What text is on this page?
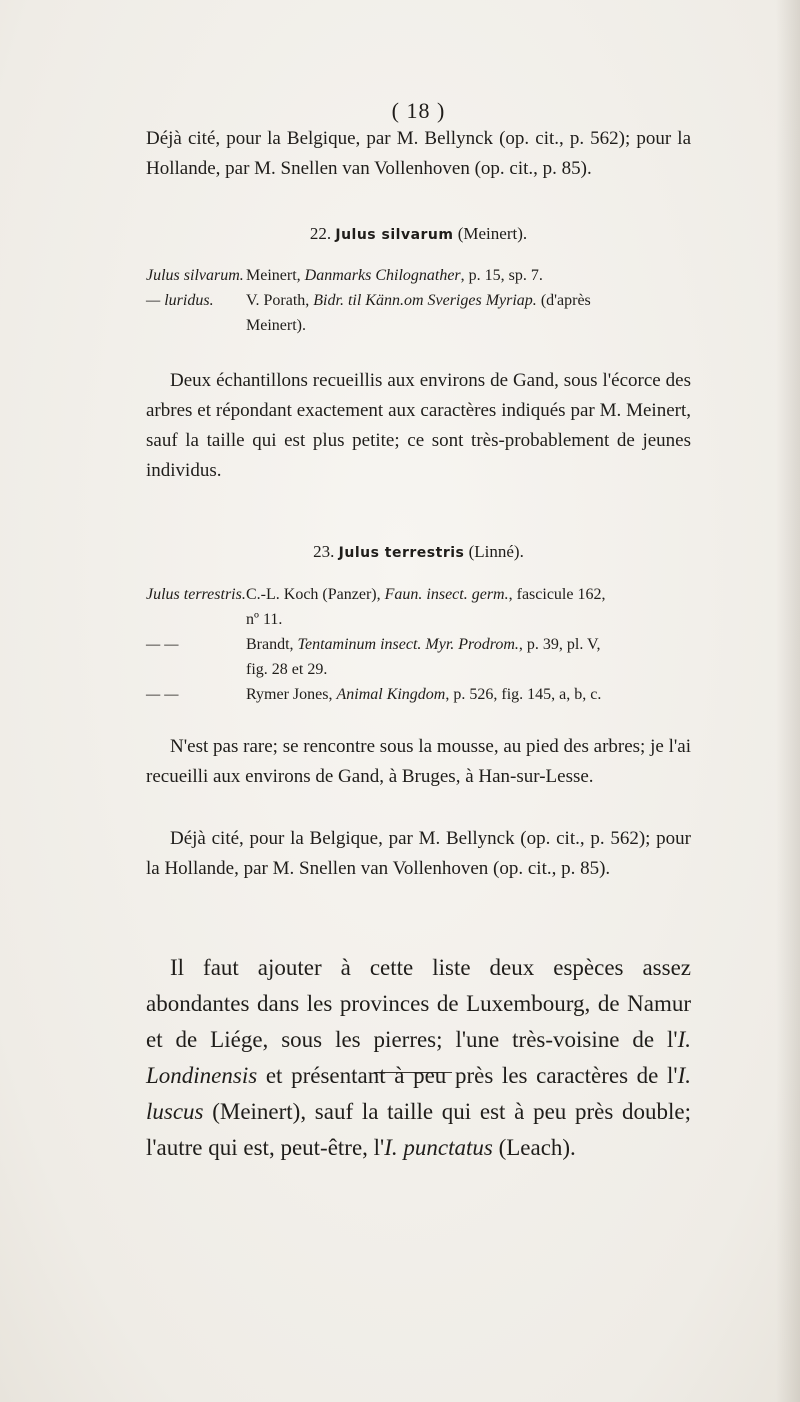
( 18 )

Déjà cité, pour la Belgique, par M. Bellynck (op. cit., p. 562); pour la Hollande, par M. Snellen van Vollenhoven (op. cit., p. 85).

22. Julus silvarum (Meinert).
Julus silvarum. Meinert, Danmarks Chilognather, p. 15, sp. 7.
— luridus.	V. Porath, Bidr. til Känn.om Sveriges Myriap. (d'après
Meinert).

Deux échantillons recueillis aux environs de Gand, sous l'écorce des arbres et répondant exactement aux caractères indiqués par M. Meinert, sauf la taille qui est plus petite; ce sont très-probablement de jeunes individus.

23. Julus terrestris (Linné).
Julus terrestris. C.-L. Koch (Panzer), Faun. insect. germ., fascicule 162,
nº 11.
— —	Brandt, Tentaminum insect. Myr. Prodrom., p. 39, pl. V,
fig. 28 et 29.
— —	Rymer Jones, Animal Kingdom, p. 526, fig. 145, a, b, c.

N'est pas rare; se rencontre sous la mousse, au pied des arbres; je l'ai recueilli aux environs de Gand, à Bruges, à Han-sur-Lesse.

Déjà cité, pour la Belgique, par M. Bellynck (op. cit., p. 562); pour la Hollande, par M. Snellen van Vollenhoven (op. cit., p. 85).

Il faut ajouter à cette liste deux espèces assez abondantes dans les provinces de Luxembourg, de Namur et de Liége, sous les pierres; l'une très-voisine de l'I. Londinensis et présentant à peu près les caractères de l'I. luscus (Meinert), sauf la taille qui est à peu près double; l'autre qui est, peut-être, l'I. punctatus (Leach).
